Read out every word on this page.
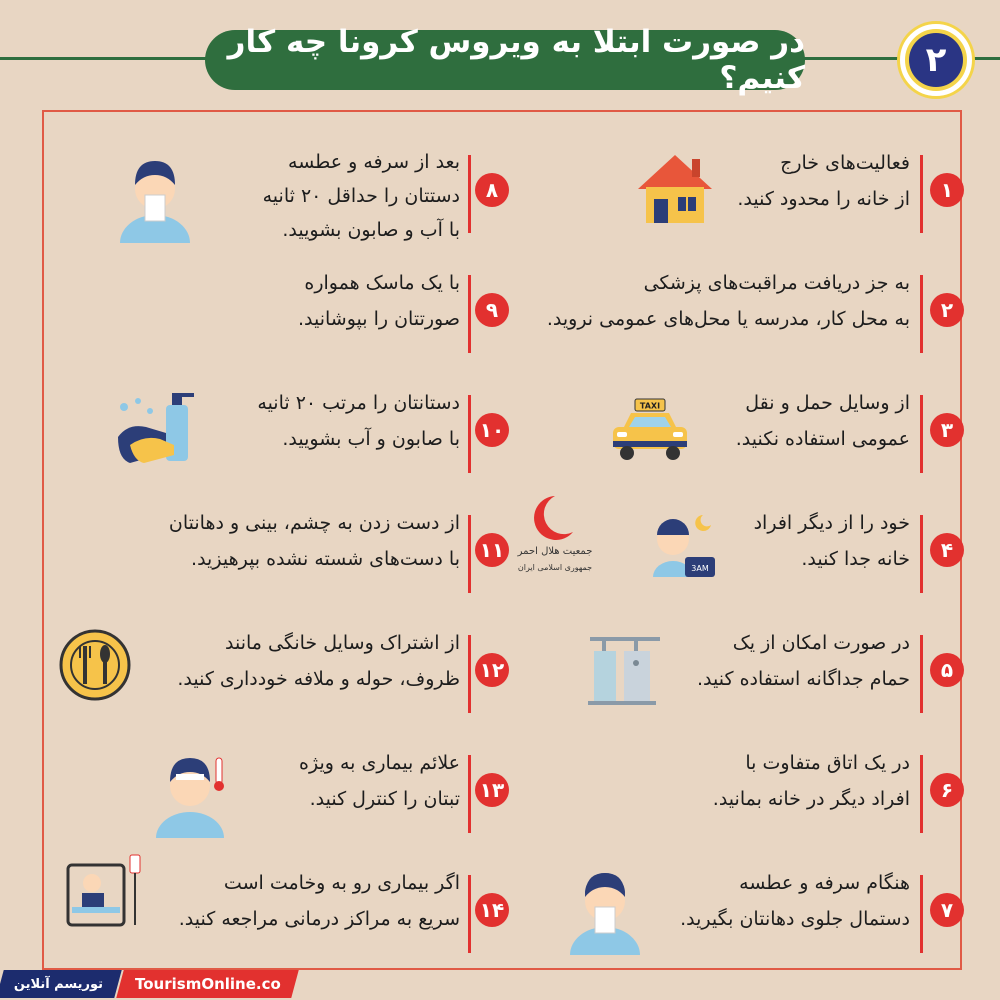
در صورت ابتلا به ویروس کرونا چه کار کنیم؟	۲
۱
فعالیت‌های خارج
از خانه را محدود کنید.
۲
به جز دریافت مراقبت‌های پزشکی
به محل کار، مدرسه یا محل‌های عمومی نروید.
۳
از وسایل حمل و نقل
عمومی استفاده نکنید.
TAXI
۴
خود را از دیگر افراد
خانه جدا کنید.
3AM
۵
در صورت امکان از یک
حمام جداگانه استفاده کنید.
۶
در یک اتاق متفاوت با
افراد دیگر در خانه بمانید.
۷
هنگام سرفه و عطسه
دستمال جلوی دهانتان بگیرید.
۸
بعد از سرفه و عطسه
دستتان را حداقل ۲۰ ثانیه
با آب و صابون بشویید.
۹
با یک ماسک همواره
صورتتان را بپوشانید.
۱۰
دستانتان را مرتب ۲۰ ثانیه
با صابون و آب بشویید.
۱۱
از دست زدن به چشم، بینی و دهانتان
با دست‌های شسته نشده بپرهیزید.
۱۲
از اشتراک وسایل خانگی مانند
ظروف، حوله و ملافه خودداری کنید.
۱۳
علائم بیماری به ویژه
تبتان را کنترل کنید.
۱۴
اگر بیماری رو به وخامت است
سریع به مراکز درمانی مراجعه کنید.
جمعیت هلال احمر
جمهوری اسلامی ایران
توریسم آنلاین TourismOnline.co
